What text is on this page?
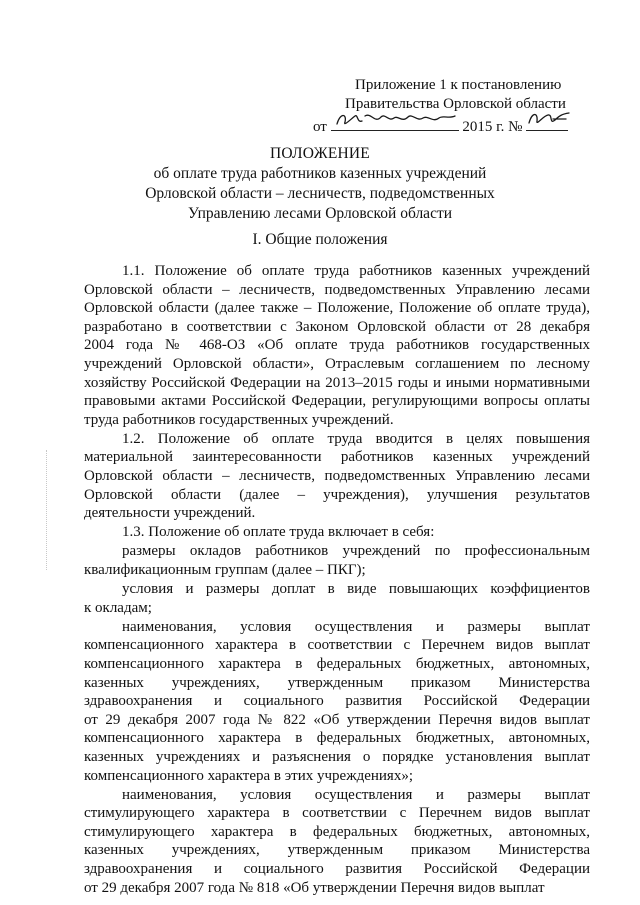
Приложение 1 к постановлению
Правительства Орловской области
от	2015 г. №
ПОЛОЖЕНИЕ
об оплате труда работников казенных учреждений
Орловской области – лесничеств, подведомственных
Управлению лесами Орловской области
I. Общие положения
1.1. Положение об оплате труда работников казенных учреждений
Орловской области – лесничеств, подведомственных Управлению лесами
Орловской области (далее также – Положение, Положение об оплате труда),
разработано в соответствии с Законом Орловской области от 28 декабря
2004 года № 468-ОЗ «Об оплате труда работников государственных
учреждений Орловской области», Отраслевым соглашением по лесному
хозяйству Российской Федерации на 2013–2015 годы и иными нормативными
правовыми актами Российской Федерации, регулирующими вопросы оплаты
труда работников государственных учреждений.
1.2. Положение об оплате труда вводится в целях повышения
материальной заинтересованности работников казенных учреждений
Орловской области – лесничеств, подведомственных Управлению лесами
Орловской области (далее – учреждения), улучшения результатов
деятельности учреждений.
1.3. Положение об оплате труда включает в себя:
размеры окладов работников учреждений по профессиональным
квалификационным группам (далее – ПКГ);
условия и размеры доплат в виде повышающих коэффициентов
к окладам;
наименования, условия осуществления и размеры выплат
компенсационного характера в соответствии с Перечнем видов выплат
компенсационного характера в федеральных бюджетных, автономных,
казенных учреждениях, утвержденным приказом Министерства
здравоохранения и социального развития Российской Федерации
от 29 декабря 2007 года № 822 «Об утверждении Перечня видов выплат
компенсационного характера в федеральных бюджетных, автономных,
казенных учреждениях и разъяснения о порядке установления выплат
компенсационного характера в этих учреждениях»;
наименования, условия осуществления и размеры выплат
стимулирующего характера в соответствии с Перечнем видов выплат
стимулирующего характера в федеральных бюджетных, автономных,
казенных учреждениях, утвержденным приказом Министерства
здравоохранения и социального развития Российской Федерации
от 29 декабря 2007 года № 818 «Об утверждении Перечня видов выплат
